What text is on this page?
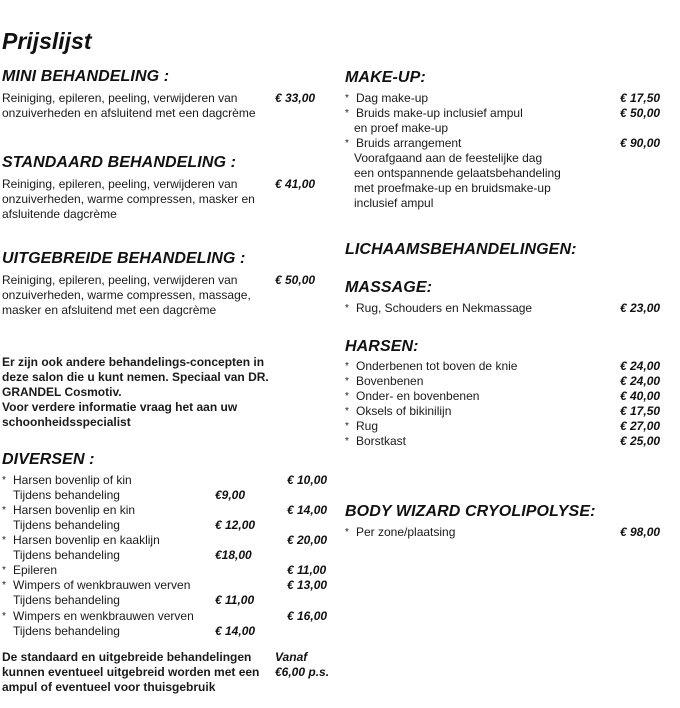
Prijslijst
MINI BEHANDELING :
Reiniging, epileren, peeling, verwijderen van
onzuiverheden en afsluitend met een dagcrème
€ 33,00
STANDAARD BEHANDELING :
Reiniging, epileren, peeling, verwijderen van
onzuiverheden, warme compressen, masker en
afsluitende dagcrème
€ 41,00
UITGEBREIDE BEHANDELING :
Reiniging, epileren, peeling, verwijderen van
onzuiverheden, warme compressen, massage,
masker en afsluitend met een dagcrème
€ 50,00
Er zijn ook andere behandelings-concepten in
deze salon die u kunt nemen. Speciaal van DR.
GRANDEL Cosmotiv.
Voor verdere informatie vraag het aan uw
schoonheidsspecialist
DIVERSEN :
* Harsen bovenlip of kin	€ 10,00
Tijdens behandeling	€9,00
* Harsen bovenlip en kin	€ 14,00
Tijdens behandeling	€ 12,00
* Harsen bovenlip en kaaklijn	€ 20,00
Tijdens behandeling	€18,00
* Epileren	€ 11,00
* Wimpers of wenkbrauwen verven	€ 13,00
Tijdens behandeling	€ 11,00
* Wimpers en wenkbrauwen verven	€ 16,00
Tijdens behandeling	€ 14,00
De standaard en uitgebreide behandelingen
kunnen eventueel uitgebreid worden met een
ampul of eventueel voor thuisgebruik
Vanaf
€6,00 p.s.
MAKE-UP:
* Dag make-up	€ 17,50
* Bruids make-up inclusief ampul	€ 50,00
en proef make-up
* Bruids arrangement	€ 90,00
Voorafgaand aan de feestelijke dag
een ontspannende gelaatsbehandeling
met proefmake-up en bruidsmake-up
inclusief ampul
LICHAAMSBEHANDELINGEN:
MASSAGE:
* Rug, Schouders en Nekmassage	€ 23,00
HARSEN:
* Onderbenen tot boven de knie	€ 24,00
* Bovenbenen	€ 24,00
* Onder- en bovenbenen	€ 40,00
* Oksels of bikinilijn	€ 17,50
* Rug	€ 27,00
* Borstkast	€ 25,00
BODY WIZARD CRYOLIPOLYSE:
* Per zone/plaatsing	€ 98,00
